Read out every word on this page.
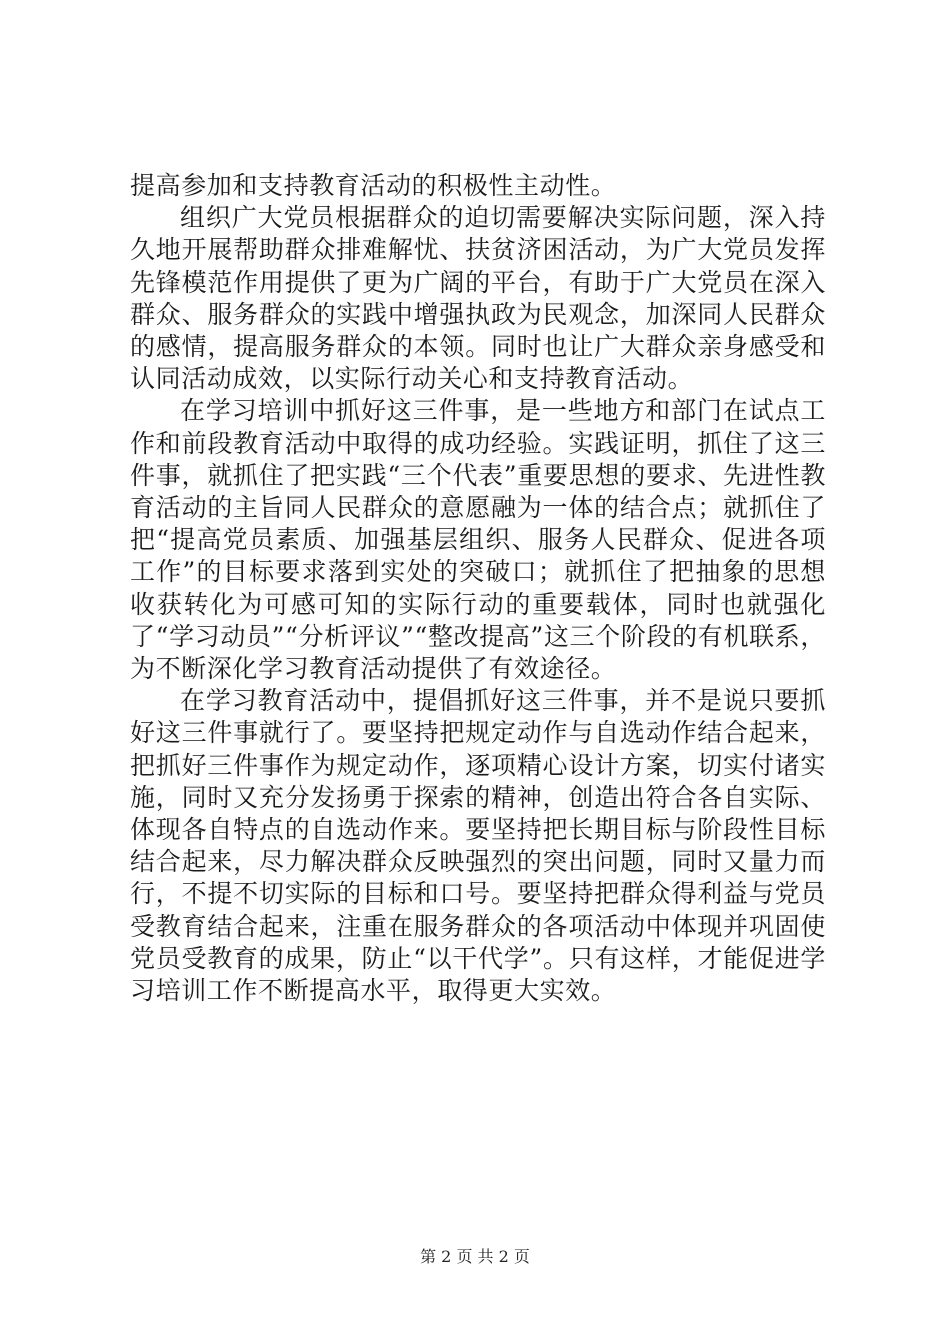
提高参加和支持教育活动的积极性主动性。

组织广大党员根据群众的迫切需要解决实际问题，深入持久地开展帮助群众排难解忧、扶贫济困活动，为广大党员发挥先锋模范作用提供了更为广阔的平台，有助于广大党员在深入群众、服务群众的实践中增强执政为民观念，加深同人民群众的感情，提高服务群众的本领。同时也让广大群众亲身感受和认同活动成效，以实际行动关心和支持教育活动。

在学习培训中抓好这三件事，是一些地方和部门在试点工作和前段教育活动中取得的成功经验。实践证明，抓住了这三件事，就抓住了把实践“三个代表”重要思想的要求、先进性教育活动的主旨同人民群众的意愿融为一体的结合点；就抓住了把“提高党员素质、加强基层组织、服务人民群众、促进各项工作”的目标要求落到实处的突破口；就抓住了把抽象的思想收获转化为可感可知的实际行动的重要载体，同时也就强化了“学习动员”“分析评议”“整改提高”这三个阶段的有机联系，为不断深化学习教育活动提供了有效途径。

在学习教育活动中，提倡抓好这三件事，并不是说只要抓好这三件事就行了。要坚持把规定动作与自选动作结合起来，把抓好三件事作为规定动作，逐项精心设计方案，切实付诸实施，同时又充分发扬勇于探索的精神，创造出符合各自实际、体现各自特点的自选动作来。要坚持把长期目标与阶段性目标结合起来，尽力解决群众反映强烈的突出问题，同时又量力而行，不提不切实际的目标和口号。要坚持把群众得利益与党员受教育结合起来，注重在服务群众的各项活动中体现并巩固使党员受教育的成果，防止“以干代学”。只有这样，才能促进学习培训工作不断提高水平，取得更大实效。

第 2 页 共 2 页
